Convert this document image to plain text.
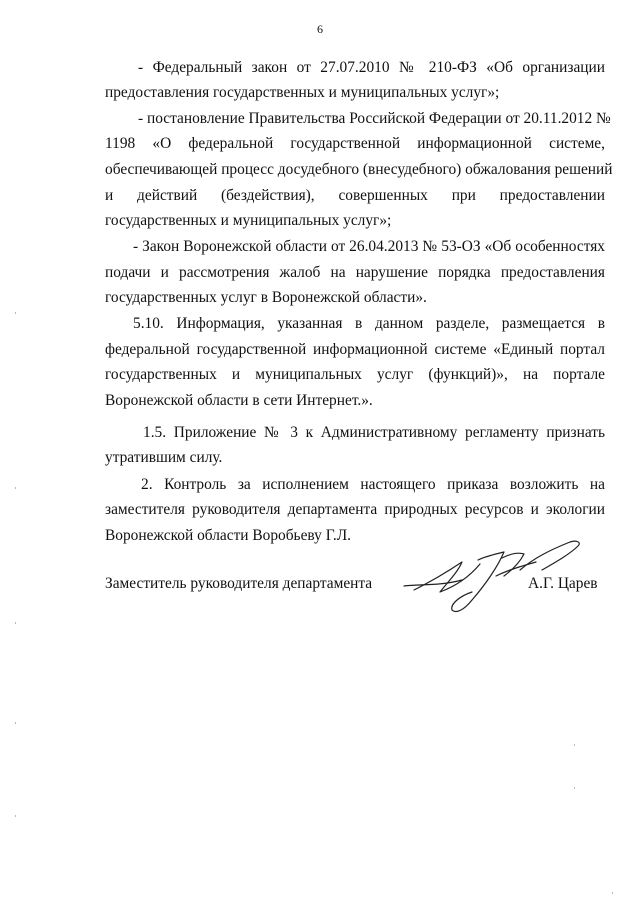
6
- Федеральный закон от 27.07.2010 № 210-ФЗ «Об организации
предоставления государственных и муниципальных услуг»;
- постановление Правительства Российской Федерации от 20.11.2012 №
1198 «О федеральной государственной информационной системе,
обеспечивающей процесс досудебного (внесудебного) обжалования решений
и действий (бездействия), совершенных при предоставлении
государственных и муниципальных услуг»;
- Закон Воронежской области от 26.04.2013 № 53-ОЗ «Об особенностях
подачи и рассмотрения жалоб на нарушение порядка предоставления
государственных услуг в Воронежской области».
5.10. Информация, указанная в данном разделе, размещается в
федеральной государственной информационной системе «Единый портал
государственных и муниципальных услуг (функций)», на портале
Воронежской области в сети Интернет.».
1.5. Приложение № 3 к Административному регламенту признать
утратившим силу.
2. Контроль за исполнением настоящего приказа возложить на
заместителя руководителя департамента природных ресурсов и экологии
Воронежской области Воробьеву Г.Л.
Заместитель руководителя департамента	А.Г. Царев
